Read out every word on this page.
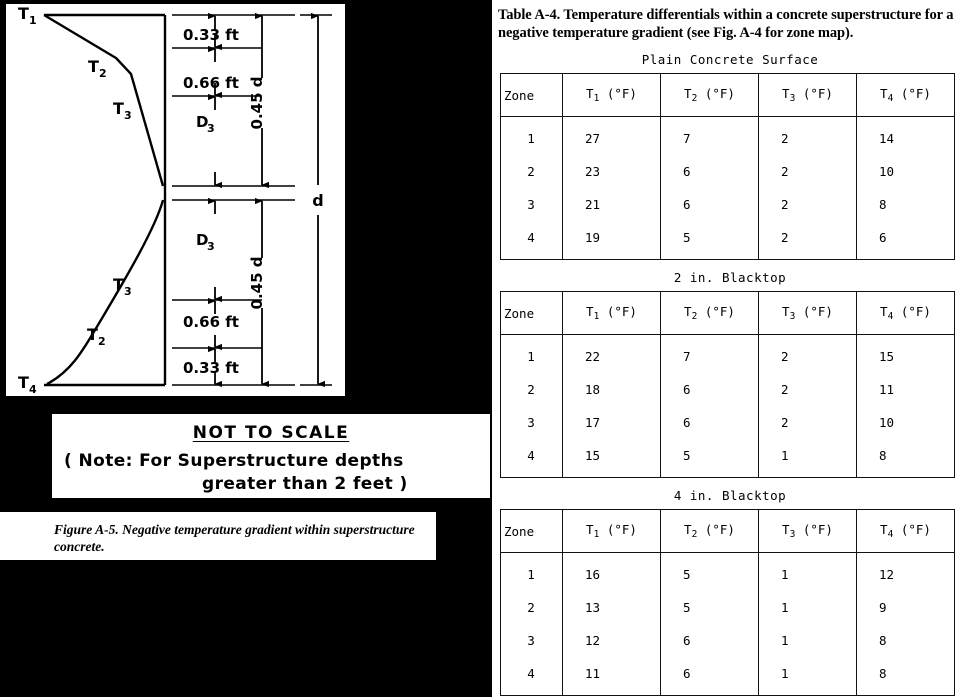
T 1
T 2
T 3
T 3
T 2
T 4
0.33 ft
0.66 ft
D
3
D
3
0.66 ft
0.33 ft
0.45 d
0.45 d
d
NOT TO SCALE
( Note: For Superstructure depths
greater than 2 feet )
Figure A-5. Negative temperature gradient within superstructure concrete.
Table A-4. Temperature differentials within a concrete superstructure for a negative temperature gradient (see Fig. A-4 for zone map).
Plain Concrete Surface
Zone	$T_1$ (°F)	$T_2$ (°F)	$T_3$ (°F)	$T_4$ (°F)
1	27	7	2	14
2	23	6	2	10
3	21	6	2	8
4	19	5	2	6
2 in. Blacktop
Zone	$T_1$ (°F)	$T_2$ (°F)	$T_3$ (°F)	$T_4$ (°F)
1	22	7	2	15
2	18	6	2	11
3	17	6	2	10
4	15	5	1	8
4 in. Blacktop
Zone	$T_1$ (°F)	$T_2$ (°F)	$T_3$ (°F)	$T_4$ (°F)
1	16	5	1	12
2	13	5	1	9
3	12	6	1	8
4	11	6	1	8
